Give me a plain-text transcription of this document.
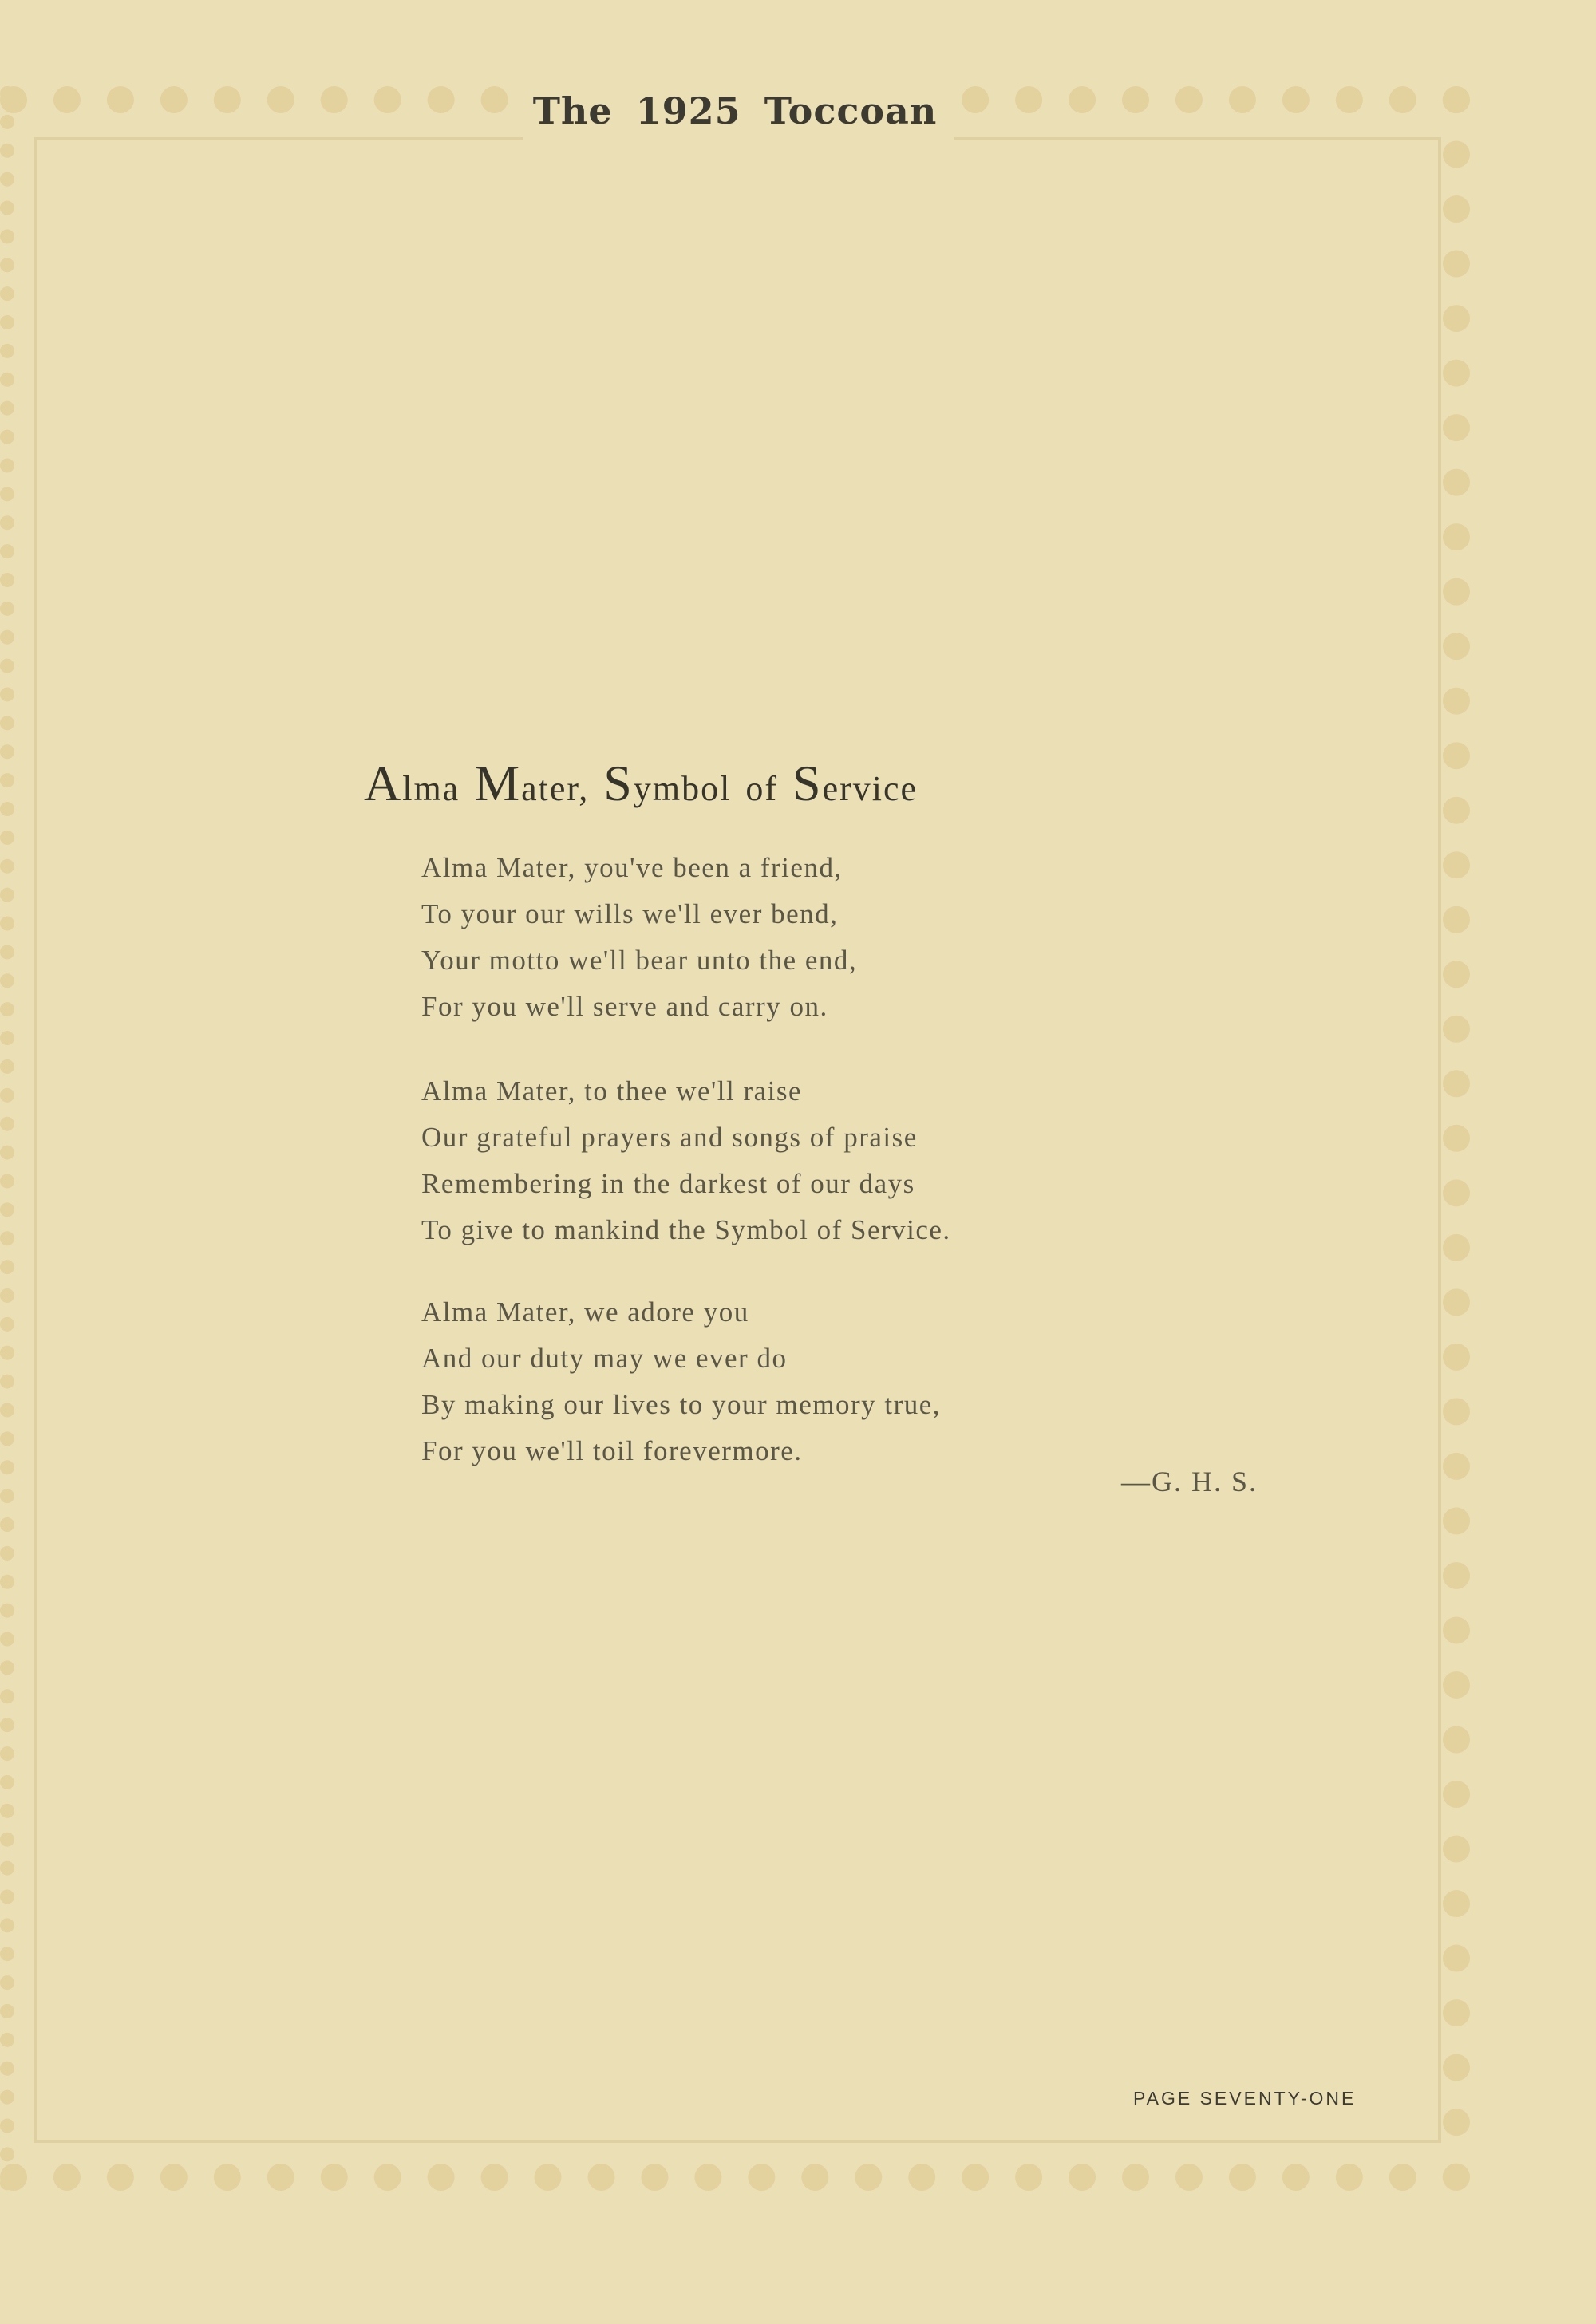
The 1925 Toccoan
Alma Mater, Symbol of Service
Alma Mater, you've been a friend,
To your our wills we'll ever bend,
Your motto we'll bear unto the end,
For you we'll serve and carry on.
Alma Mater, to thee we'll raise
Our grateful prayers and songs of praise
Remembering in the darkest of our days
To give to mankind the Symbol of Service.
Alma Mater, we adore you
And our duty may we ever do
By making our lives to your memory true,
For you we'll toil forevermore.
—G. H. S.
PAGE SEVENTY-ONE
